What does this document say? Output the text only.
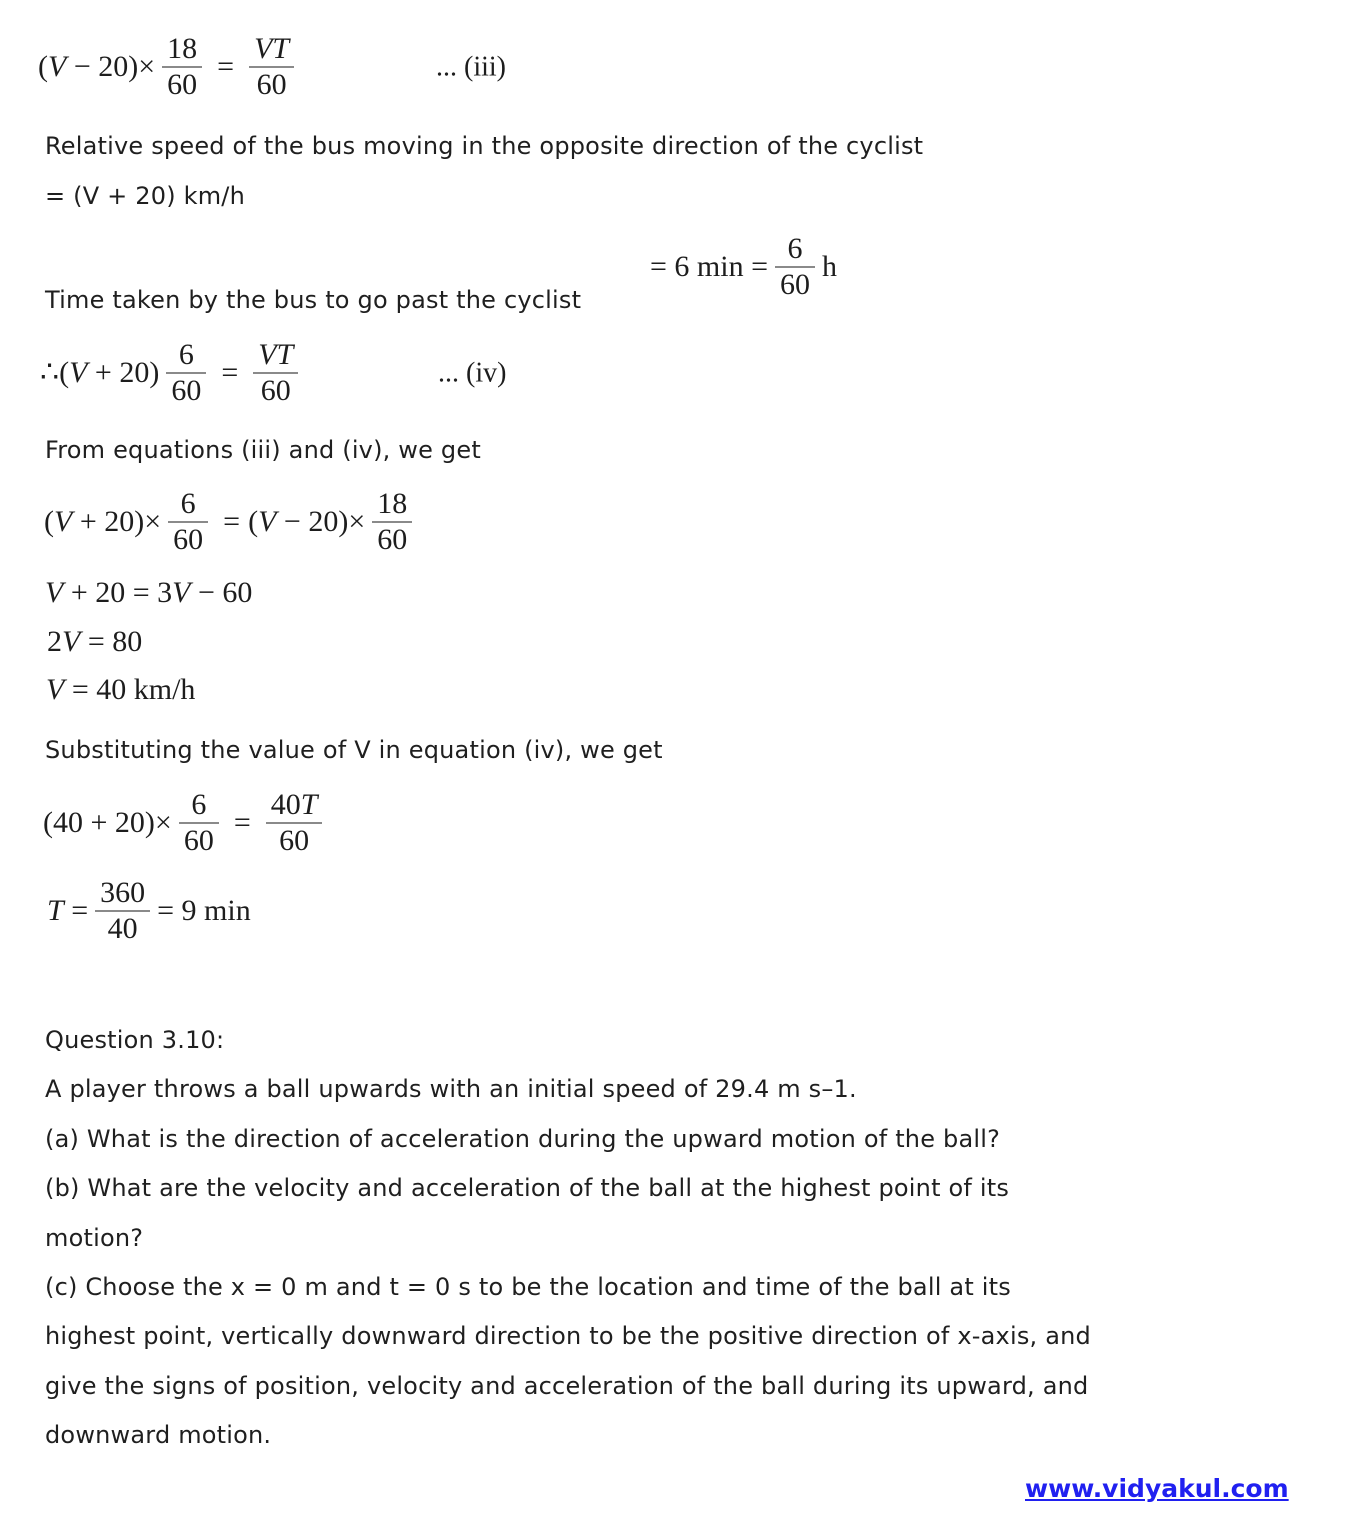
( $V - 20)\times \frac{18}{60} = \frac{VT}{60}$	... (iii)
Relative speed of the bus moving in the opposite direction of the cyclist
= (V + 20) km/h
= 6 $\min = \frac{6}{60}$ h
Time taken by the bus to go past the cyclist
∴ ( $V + 20) \frac{6}{60} = \frac{VT}{60}$	... (iv)
From equations (iii) and (iv), we get
( $V + 20)\times \frac{6}{60}$ = ( $V - 20)\times \frac{18}{60}$
V + 20 = 3 V − 60
2 V = 80
V = 40 km/h
Substituting the value of V in equation (iv), we get
$(40 + 20)\times \frac{6}{60} = \frac{40T}{60}$
$T = \frac{360}{40} = 9$ min
Question 3.10:
A player throws a ball upwards with an initial speed of 29.4 m s–1.
(a) What is the direction of acceleration during the upward motion of the ball?
(b) What are the velocity and acceleration of the ball at the highest point of its
motion?
(c) Choose the x = 0 m and t = 0 s to be the location and time of the ball at its
highest point, vertically downward direction to be the positive direction of x-axis, and
give the signs of position, velocity and acceleration of the ball during its upward, and
downward motion.
www.vidyakul.com
